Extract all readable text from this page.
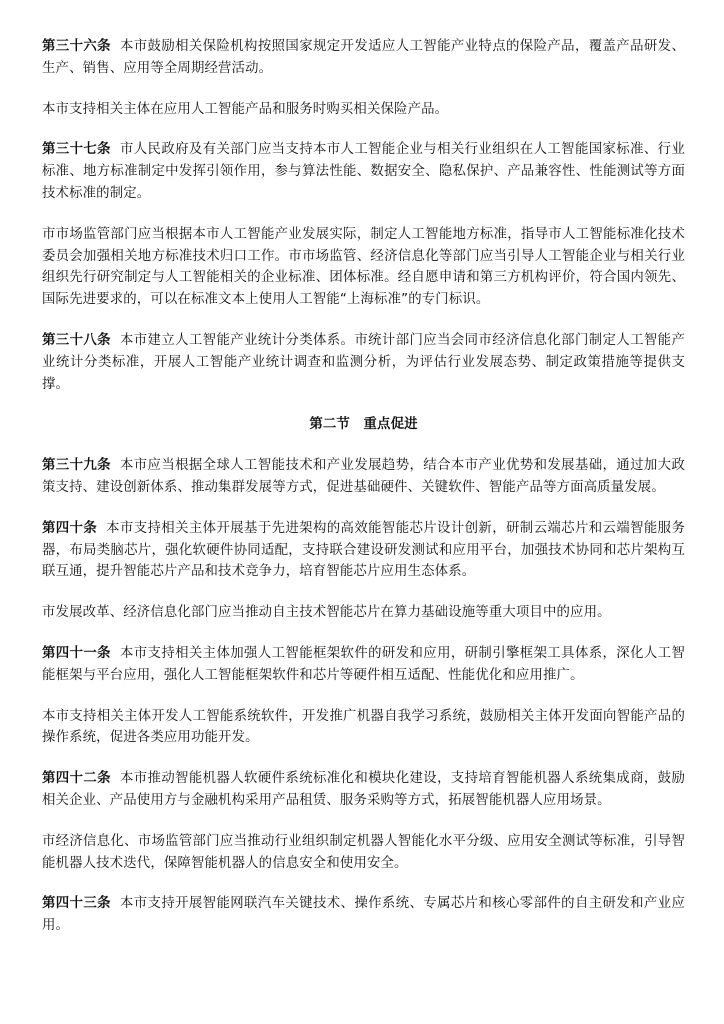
第三十六条 本市鼓励相关保险机构按照国家规定开发适应人工智能产业特点的保险产品，覆盖产品研发、生产、销售、应用等全周期经营活动。

本市支持相关主体在应用人工智能产品和服务时购买相关保险产品。

第三十七条 市人民政府及有关部门应当支持本市人工智能企业与相关行业组织在人工智能国家标准、行业标准、地方标准制定中发挥引领作用，参与算法性能、数据安全、隐私保护、产品兼容性、性能测试等方面技术标准的制定。

市市场监管部门应当根据本市人工智能产业发展实际，制定人工智能地方标准，指导市人工智能标准化技术委员会加强相关地方标准技术归口工作。市市场监管、经济信息化等部门应当引导人工智能企业与相关行业组织先行研究制定与人工智能相关的企业标准、团体标准。经自愿申请和第三方机构评价，符合国内领先、国际先进要求的，可以在标准文本上使用人工智能“上海标准”的专门标识。

第三十八条 本市建立人工智能产业统计分类体系。市统计部门应当会同市经济信息化部门制定人工智能产业统计分类标准，开展人工智能产业统计调查和监测分析，为评估行业发展态势、制定政策措施等提供支撑。

第二节　重点促进

第三十九条 本市应当根据全球人工智能技术和产业发展趋势，结合本市产业优势和发展基础，通过加大政策支持、建设创新体系、推动集群发展等方式，促进基础硬件、关键软件、智能产品等方面高质量发展。

第四十条 本市支持相关主体开展基于先进架构的高效能智能芯片设计创新，研制云端芯片和云端智能服务器，布局类脑芯片，强化软硬件协同适配，支持联合建设研发测试和应用平台，加强技术协同和芯片架构互联互通，提升智能芯片产品和技术竞争力，培育智能芯片应用生态体系。

市发展改革、经济信息化部门应当推动自主技术智能芯片在算力基础设施等重大项目中的应用。

第四十一条 本市支持相关主体加强人工智能框架软件的研发和应用，研制引擎框架工具体系，深化人工智能框架与平台应用，强化人工智能框架软件和芯片等硬件相互适配、性能优化和应用推广。

本市支持相关主体开发人工智能系统软件，开发推广机器自我学习系统，鼓励相关主体开发面向智能产品的操作系统，促进各类应用功能开发。

第四十二条 本市推动智能机器人软硬件系统标准化和模块化建设，支持培育智能机器人系统集成商，鼓励相关企业、产品使用方与金融机构采用产品租赁、服务采购等方式，拓展智能机器人应用场景。

市经济信息化、市场监管部门应当推动行业组织制定机器人智能化水平分级、应用安全测试等标准，引导智能机器人技术迭代，保障智能机器人的信息安全和使用安全。

第四十三条 本市支持开展智能网联汽车关键技术、操作系统、专属芯片和核心零部件的自主研发和产业应用。
